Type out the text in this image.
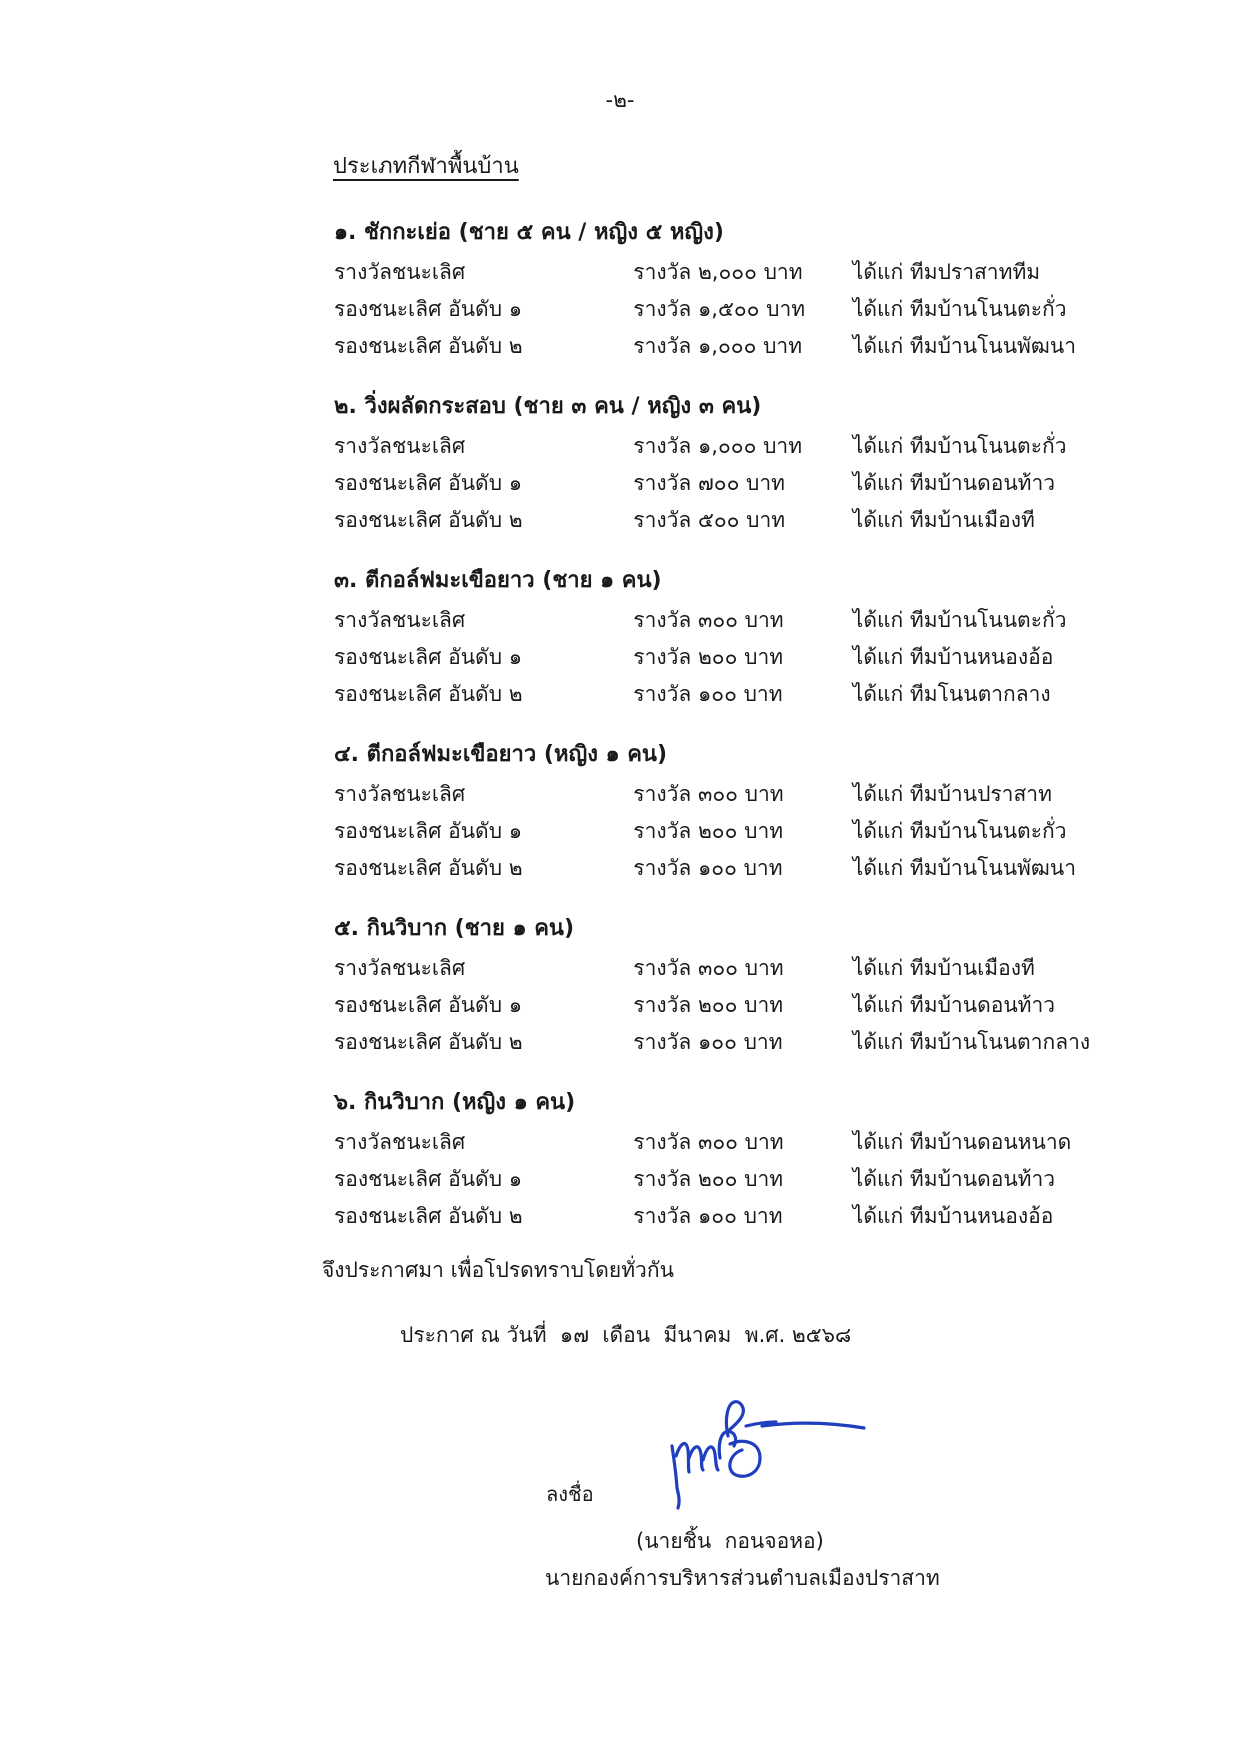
-๒-
ประเภทกีฬาพื้นบ้าน
๑. ชักกะเย่อ (ชาย ๕ คน / หญิง ๕ หญิง)
รางวัลชนะเลิศ	รางวัล ๒,๐๐๐ บาท	ได้แก่ ทีมปราสาททีม
รองชนะเลิศ อันดับ ๑	รางวัล ๑,๕๐๐ บาท	ได้แก่ ทีมบ้านโนนตะกั่ว
รองชนะเลิศ อันดับ ๒	รางวัล ๑,๐๐๐ บาท	ได้แก่ ทีมบ้านโนนพัฒนา
๒. วิ่งผลัดกระสอบ (ชาย ๓ คน / หญิง ๓ คน)
รางวัลชนะเลิศ	รางวัล ๑,๐๐๐ บาท	ได้แก่ ทีมบ้านโนนตะกั่ว
รองชนะเลิศ อันดับ ๑	รางวัล ๗๐๐ บาท	ได้แก่ ทีมบ้านดอนท้าว
รองชนะเลิศ อันดับ ๒	รางวัล ๕๐๐ บาท	ได้แก่ ทีมบ้านเมืองที
๓. ตีกอล์ฟมะเขือยาว (ชาย ๑ คน)
รางวัลชนะเลิศ	รางวัล ๓๐๐ บาท	ได้แก่ ทีมบ้านโนนตะกั่ว
รองชนะเลิศ อันดับ ๑	รางวัล ๒๐๐ บาท	ได้แก่ ทีมบ้านหนองอ้อ
รองชนะเลิศ อันดับ ๒	รางวัล ๑๐๐ บาท	ได้แก่ ทีมโนนตากลาง
๔. ตีกอล์ฟมะเขือยาว (หญิง ๑ คน)
รางวัลชนะเลิศ	รางวัล ๓๐๐ บาท	ได้แก่ ทีมบ้านปราสาท
รองชนะเลิศ อันดับ ๑	รางวัล ๒๐๐ บาท	ได้แก่ ทีมบ้านโนนตะกั่ว
รองชนะเลิศ อันดับ ๒	รางวัล ๑๐๐ บาท	ได้แก่ ทีมบ้านโนนพัฒนา
๕. กินวิบาก (ชาย ๑ คน)
รางวัลชนะเลิศ	รางวัล ๓๐๐ บาท	ได้แก่ ทีมบ้านเมืองที
รองชนะเลิศ อันดับ ๑	รางวัล ๒๐๐ บาท	ได้แก่ ทีมบ้านดอนท้าว
รองชนะเลิศ อันดับ ๒	รางวัล ๑๐๐ บาท	ได้แก่ ทีมบ้านโนนตากลาง
๖. กินวิบาก (หญิง ๑ คน)
รางวัลชนะเลิศ	รางวัล ๓๐๐ บาท	ได้แก่ ทีมบ้านดอนหนาด
รองชนะเลิศ อันดับ ๑	รางวัล ๒๐๐ บาท	ได้แก่ ทีมบ้านดอนท้าว
รองชนะเลิศ อันดับ ๒	รางวัล ๑๐๐ บาท	ได้แก่ ทีมบ้านหนองอ้อ
จึงประกาศมา เพื่อโปรดทราบโดยทั่วกัน
ประกาศ ณ วันที่  ๑๗  เดือน  มีนาคม  พ.ศ. ๒๕๖๘
ลงชื่อ
(นายชิ้น  กอนจอหอ)
นายกองค์การบริหารส่วนตำบลเมืองปราสาท
